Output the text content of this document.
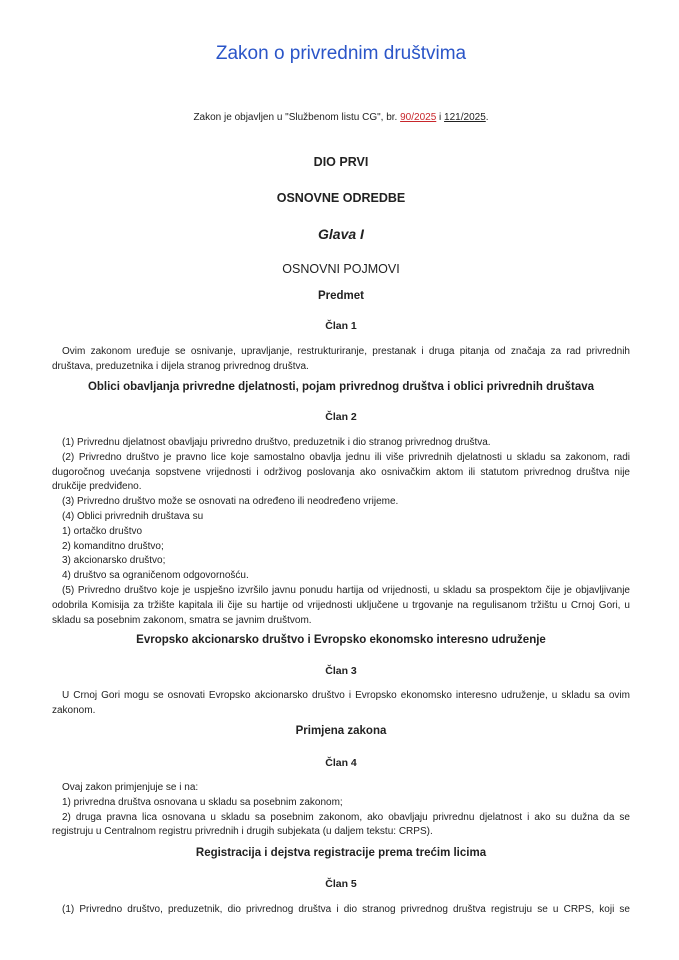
Zakon o privrednim društvima
Zakon je objavljen u "Službenom listu CG", br. 90/2025 i 121/2025.
DIO PRVI
OSNOVNE ODREDBE
Glava I
OSNOVNI POJMOVI
Predmet
Član 1
Ovim zakonom uređuje se osnivanje, upravljanje, restrukturiranje, prestanak i druga pitanja od značaja za rad privrednih društava, preduzetnika i dijela stranog privrednog društva.
Oblici obavljanja privredne djelatnosti, pojam privrednog društva i oblici privrednih društava
Član 2
(1) Privrednu djelatnost obavljaju privredno društvo, preduzetnik i dio stranog privrednog društva.
(2) Privredno društvo je pravno lice koje samostalno obavlja jednu ili više privrednih djelatnosti u skladu sa zakonom, radi dugoročnog uvećanja sopstvene vrijednosti i održivog poslovanja ako osnivačkim aktom ili statutom privrednog društva nije drukčije predviđeno.
(3) Privredno društvo može se osnovati na određeno ili neodređeno vrijeme.
(4) Oblici privrednih društava su
1) ortačko društvo
2) komanditno društvo;
3) akcionarsko društvo;
4) društvo sa ograničenom odgovornošću.
(5) Privredno društvo koje je uspješno izvršilo javnu ponudu hartija od vrijednosti, u skladu sa prospektom čije je objavljivanje odobrila Komisija za tržište kapitala ili čije su hartije od vrijednosti uključene u trgovanje na regulisanom tržištu u Crnoj Gori, u skladu sa posebnim zakonom, smatra se javnim društvom.
Evropsko akcionarsko društvo i Evropsko ekonomsko interesno udruženje
Član 3
U Crnoj Gori mogu se osnovati Evropsko akcionarsko društvo i Evropsko ekonomsko interesno udruženje, u skladu sa ovim zakonom.
Primjena zakona
Član 4
Ovaj zakon primjenjuje se i na:
1) privredna društva osnovana u skladu sa posebnim zakonom;
2) druga pravna lica osnovana u skladu sa posebnim zakonom, ako obavljaju privrednu djelatnost i ako su dužna da se registruju u Centralnom registru privrednih i drugih subjekata (u daljem tekstu: CRPS).
Registracija i dejstva registracije prema trećim licima
Član 5
(1) Privredno društvo, preduzetnik, dio privrednog društva i dio stranog privrednog društva registruju se u CRPS, koji se
